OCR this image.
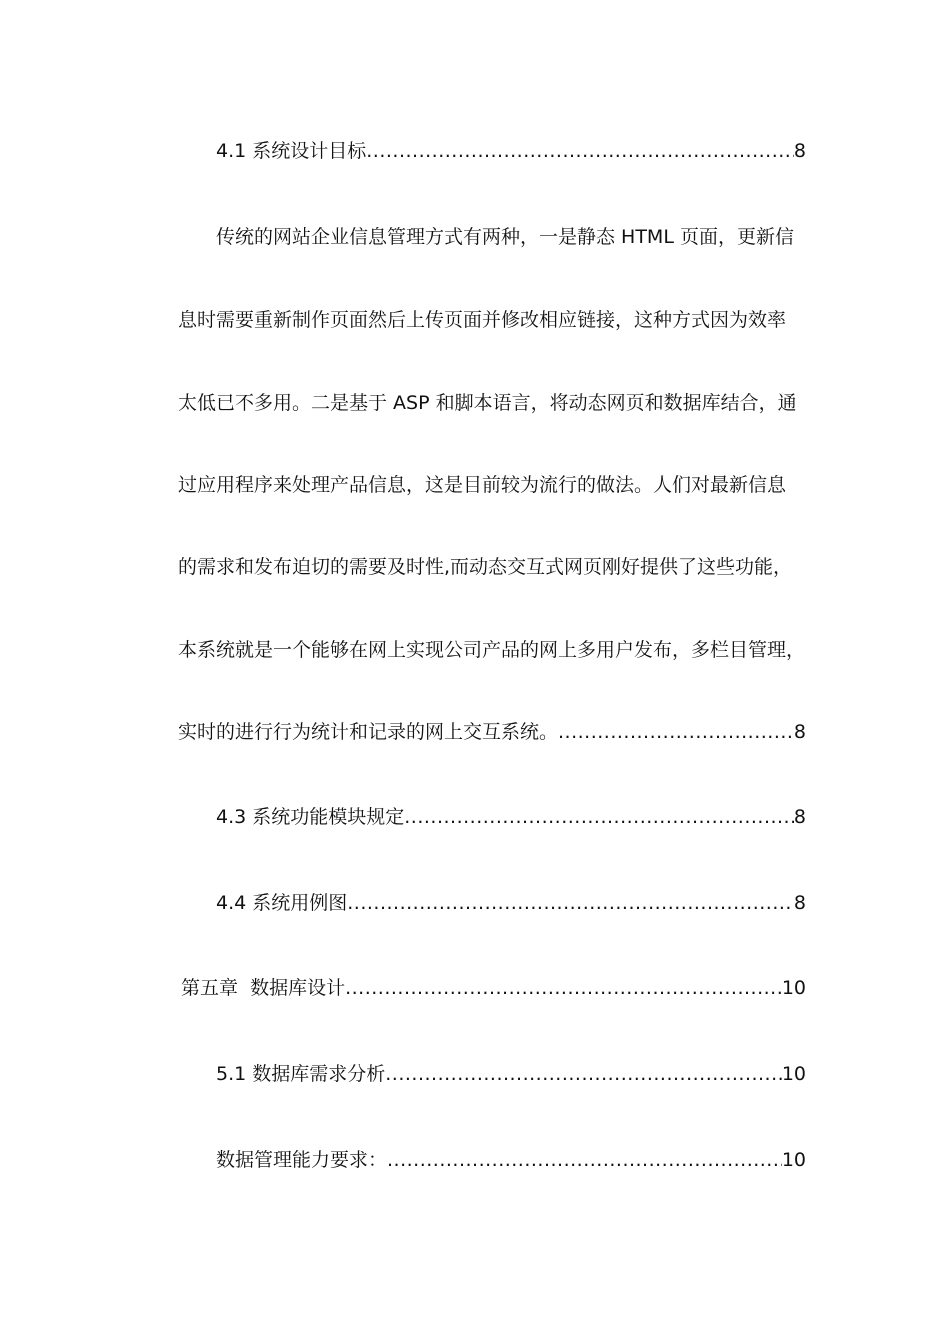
4.1 系统设计目标 .....	8
传统的网站企业信息管理方式有两种，一是静态 HTML 页面，更新信
息时需要重新制作页面然后上传页面并修改相应链接，这种方式因为效率
太低已不多用。二是基于 ASP 和脚本语言，将动态网页和数据库结合，通
过应用程序来处理产品信息，这是目前较为流行的做法。人们对最新信息
的需求和发布迫切的需要及时性,而动态交互式网页刚好提供了这些功能，
本系统就是一个能够在网上实现公司产品的网上多用户发布，多栏目管理，
实时的进行行为统计和记录的网上交互系统。 .....	8
4.3 系统功能模块规定 .....	8
4.4 系统用例图 .....	8
第五章  数据库设计 .....	10
5.1 数据库需求分析 .....	10
数据管理能力要求： .....	10
